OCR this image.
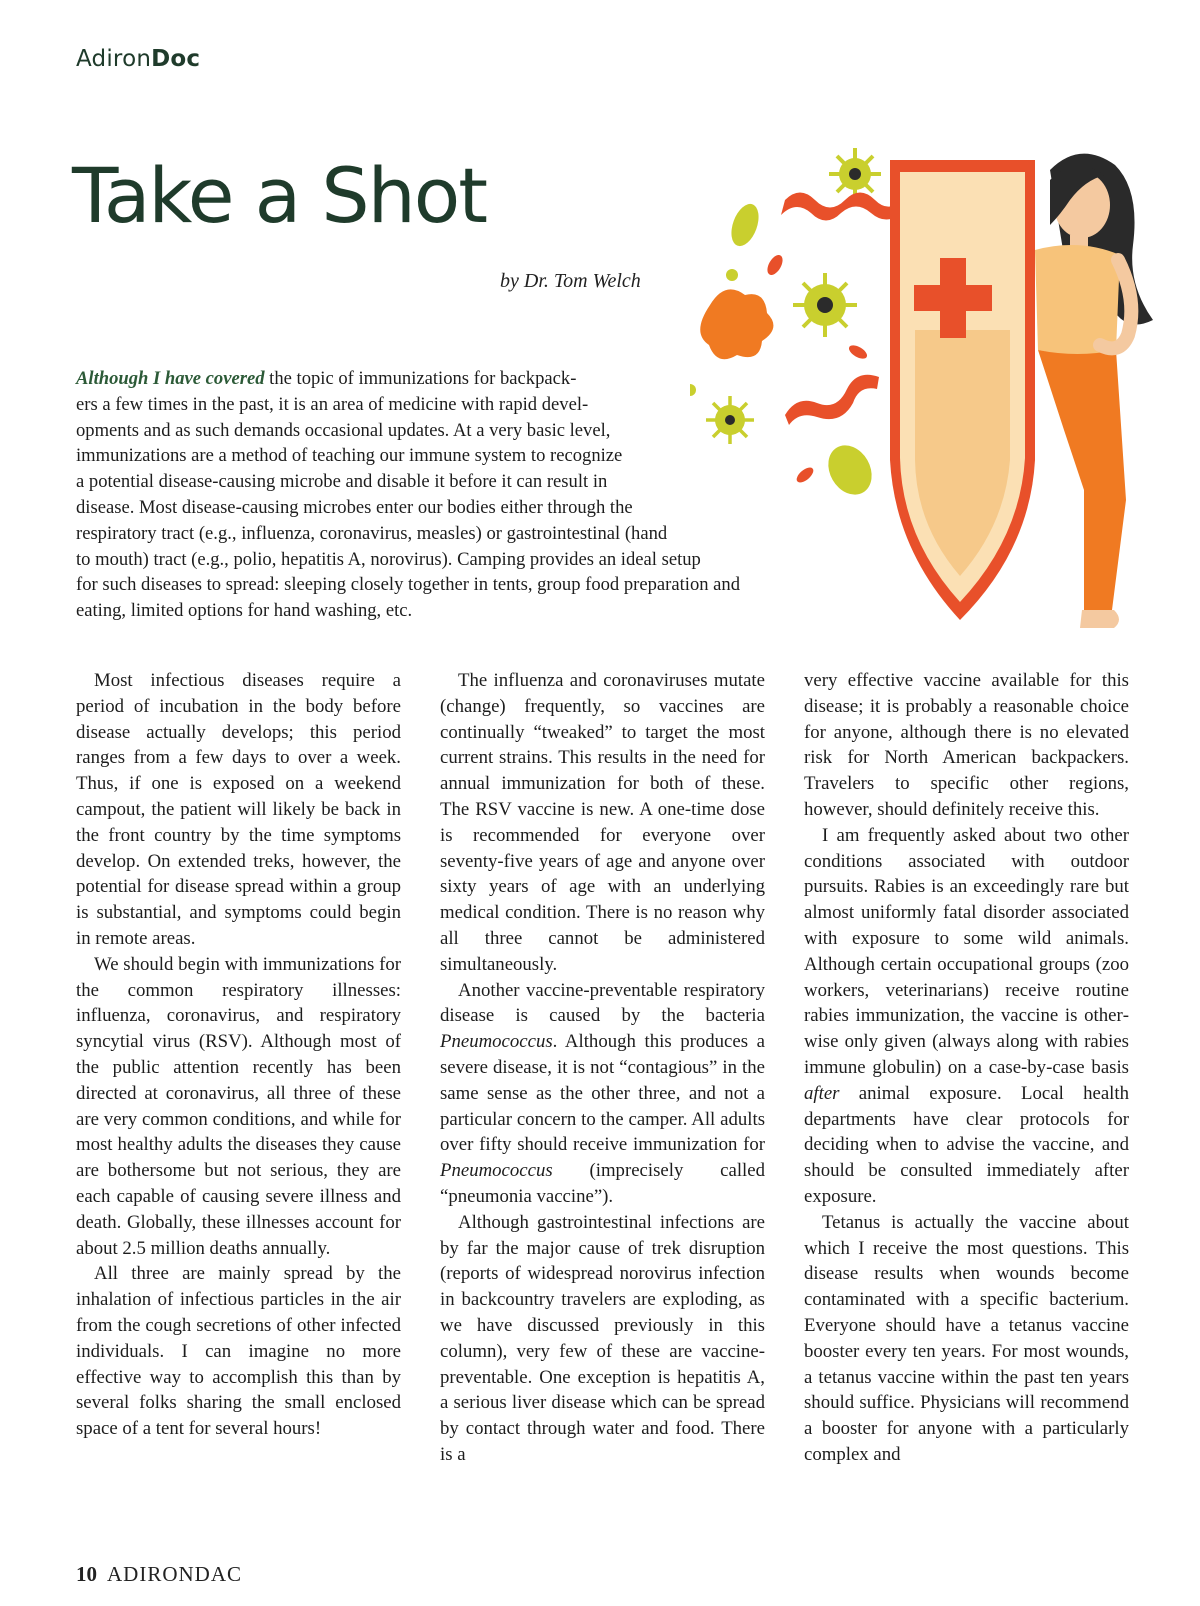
AdironDoc
Take a Shot
by Dr. Tom Welch
Although I have covered the topic of immunizations for backpack-
ers a few times in the past, it is an area of medicine with rapid devel-
opments and as such demands occasional updates. At a very basic level,
immunizations are a method of teaching our immune system to recognize
a potential disease-causing microbe and disable it before it can result in
disease. Most disease-causing microbes enter our bodies either through the
respiratory tract (e.g., influenza, coronavirus, measles) or gastrointestinal (hand
to mouth) tract (e.g., polio, hepatitis A, norovirus). Camping provides an ideal setup
for such diseases to spread: sleeping closely together in tents, group food preparation and
eating, limited options for hand washing, etc.

Most infectious diseases require a period of incubation in the body before disease actually develops; this period ranges from a few days to over a week. Thus, if one is exposed on a weekend campout, the patient will likely be back in the front country by the time symptoms develop. On extended treks, however, the potential for disease spread within a group is substantial, and symptoms could begin in remote areas.

We should begin with immunizations for the common respiratory illnesses: influenza, coronavirus, and respiratory syncytial virus (RSV). Although most of the public attention recently has been directed at coronavirus, all three of these are very common conditions, and while for most healthy adults the diseases they cause are bothersome but not serious, they are each capable of causing severe illness and death. Globally, these illnesses account for about 2.5 million deaths annually.

All three are mainly spread by the inhalation of infectious particles in the air from the cough secretions of other infected individuals. I can imagine no more effective way to accomplish this than by several folks sharing the small enclosed space of a tent for several hours!

The influenza and coronaviruses mutate (change) frequently, so vaccines are continually “tweaked” to target the most current strains. This results in the need for annual immunization for both of these. The RSV vaccine is new. A one-time dose is recommended for everyone over seventy-five years of age and anyone over sixty years of age with an underlying medical condition. There is no reason why all three cannot be administered simultaneously.

Another vaccine-preventable respiratory disease is caused by the bacteria Pneumococcus. Although this produces a severe disease, it is not “contagious” in the same sense as the other three, and not a particular concern to the camper. All adults over fifty should receive immunization for Pneumococcus (imprecisely called “pneumonia vaccine”).

Although gastrointestinal infections are by far the major cause of trek disruption (reports of widespread norovirus infection in backcountry travelers are exploding, as we have discussed previously in this column), very few of these are vaccine-preventable. One exception is hepatitis A, a serious liver disease which can be spread by contact through water and food. There is a

very effective vaccine available for this disease; it is probably a reasonable choice for anyone, although there is no elevated risk for North American backpackers. Travelers to specific other regions, however, should definitely receive this.

I am frequently asked about two other conditions associated with outdoor pursuits. Rabies is an exceedingly rare but almost uniformly fatal disorder associated with exposure to some wild animals. Although certain occupational groups (zoo workers, veterinarians) receive routine rabies immunization, the vaccine is otherwise only given (always along with rabies immune globulin) on a case-by-case basis after animal exposure. Local health departments have clear protocols for deciding when to advise the vaccine, and should be consulted immediately after exposure.

Tetanus is actually the vaccine about which I receive the most questions. This disease results when wounds become contaminated with a specific bacterium. Everyone should have a tetanus vaccine booster every ten years. For most wounds, a tetanus vaccine within the past ten years should suffice. Physicians will recommend a booster for anyone with a particularly complex and

10 ADIRONDAC
